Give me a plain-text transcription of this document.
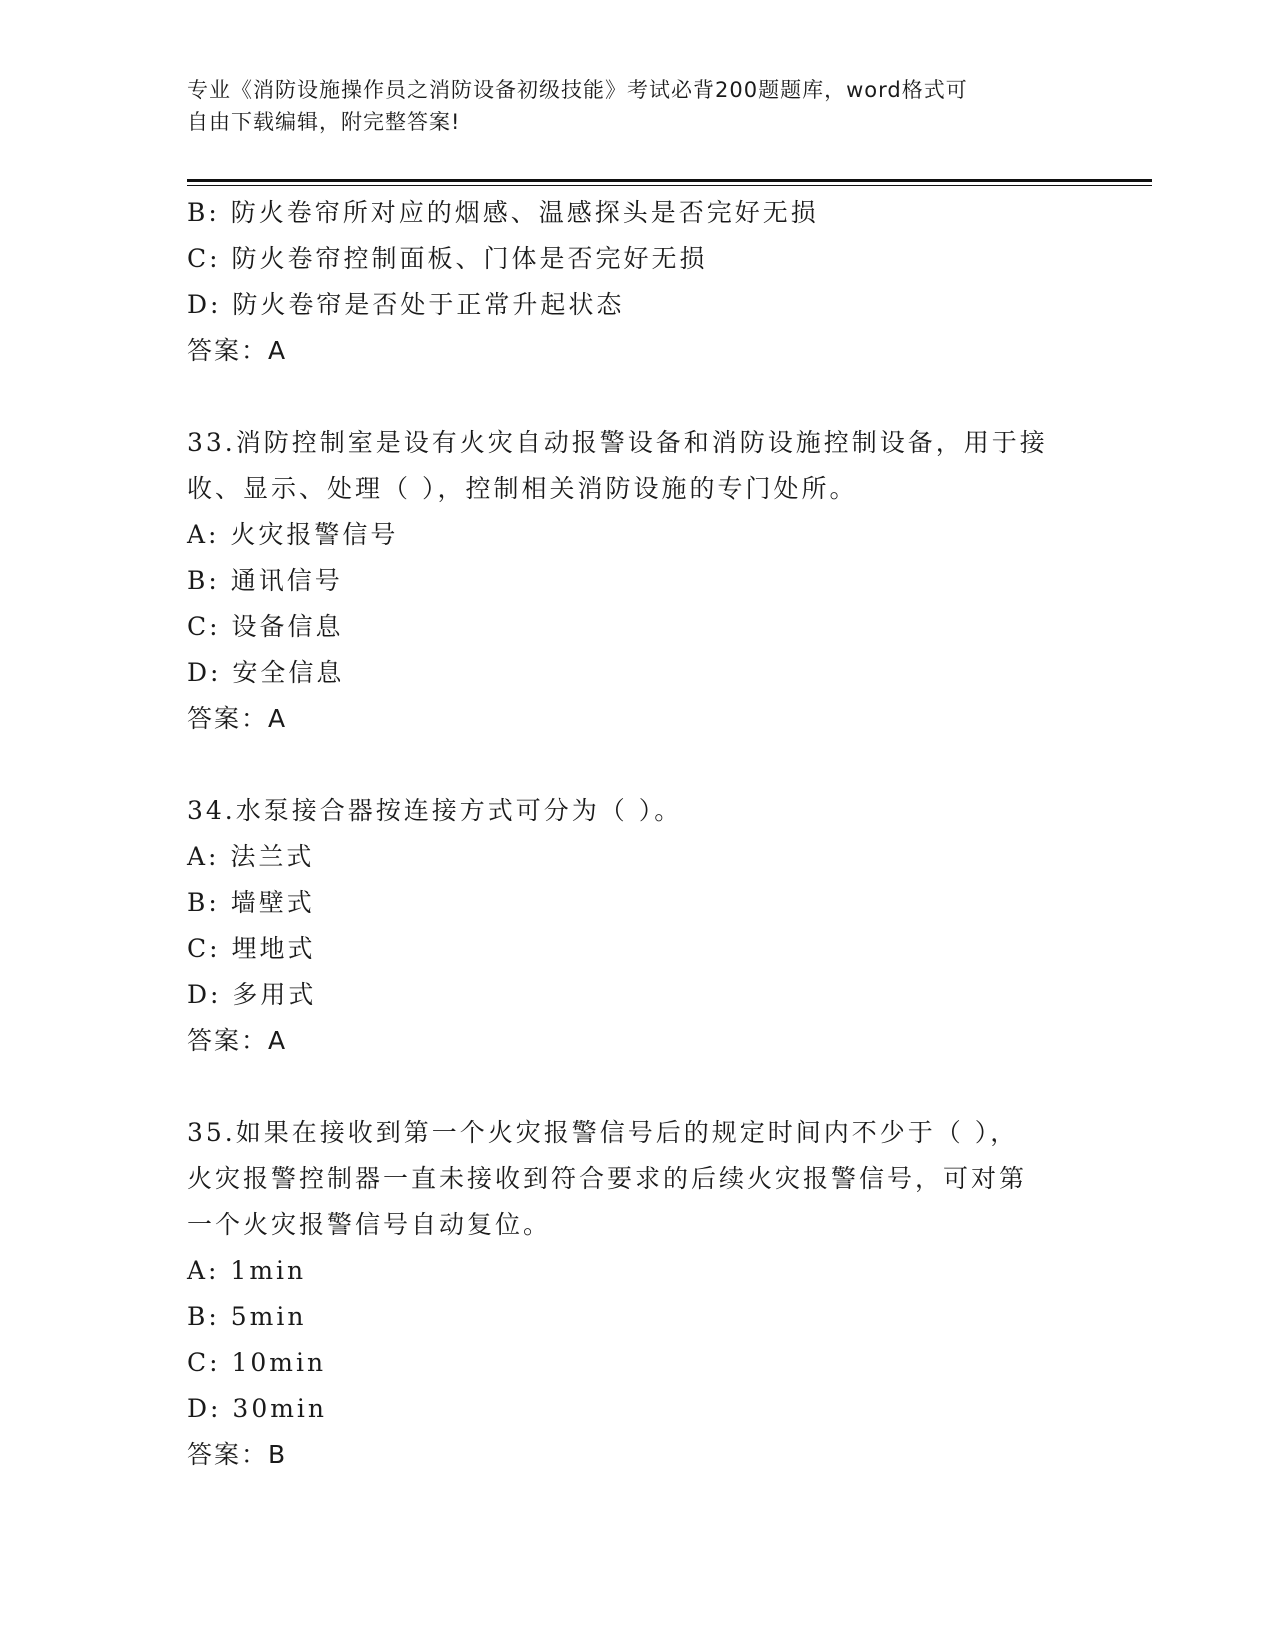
专业《消防设施操作员之消防设备初级技能》考试必背200题题库，word格式可
自由下载编辑，附完整答案!
B: 防火卷帘所对应的烟感、温感探头是否完好无损
C: 防火卷帘控制面板、门体是否完好无损
D: 防火卷帘是否处于正常升起状态
答案：A
33.消防控制室是设有火灾自动报警设备和消防设施控制设备，用于接
收、显示、处理（ ），控制相关消防设施的专门处所。
A: 火灾报警信号
B: 通讯信号
C: 设备信息
D: 安全信息
答案：A
34.水泵接合器按连接方式可分为（ ）。
A: 法兰式
B: 墙壁式
C: 埋地式
D: 多用式
答案：A
35.如果在接收到第一个火灾报警信号后的规定时间内不少于（ ），
火灾报警控制器一直未接收到符合要求的后续火灾报警信号，可对第
一个火灾报警信号自动复位。
A: 1min
B: 5min
C: 10min
D: 30min
答案：B
